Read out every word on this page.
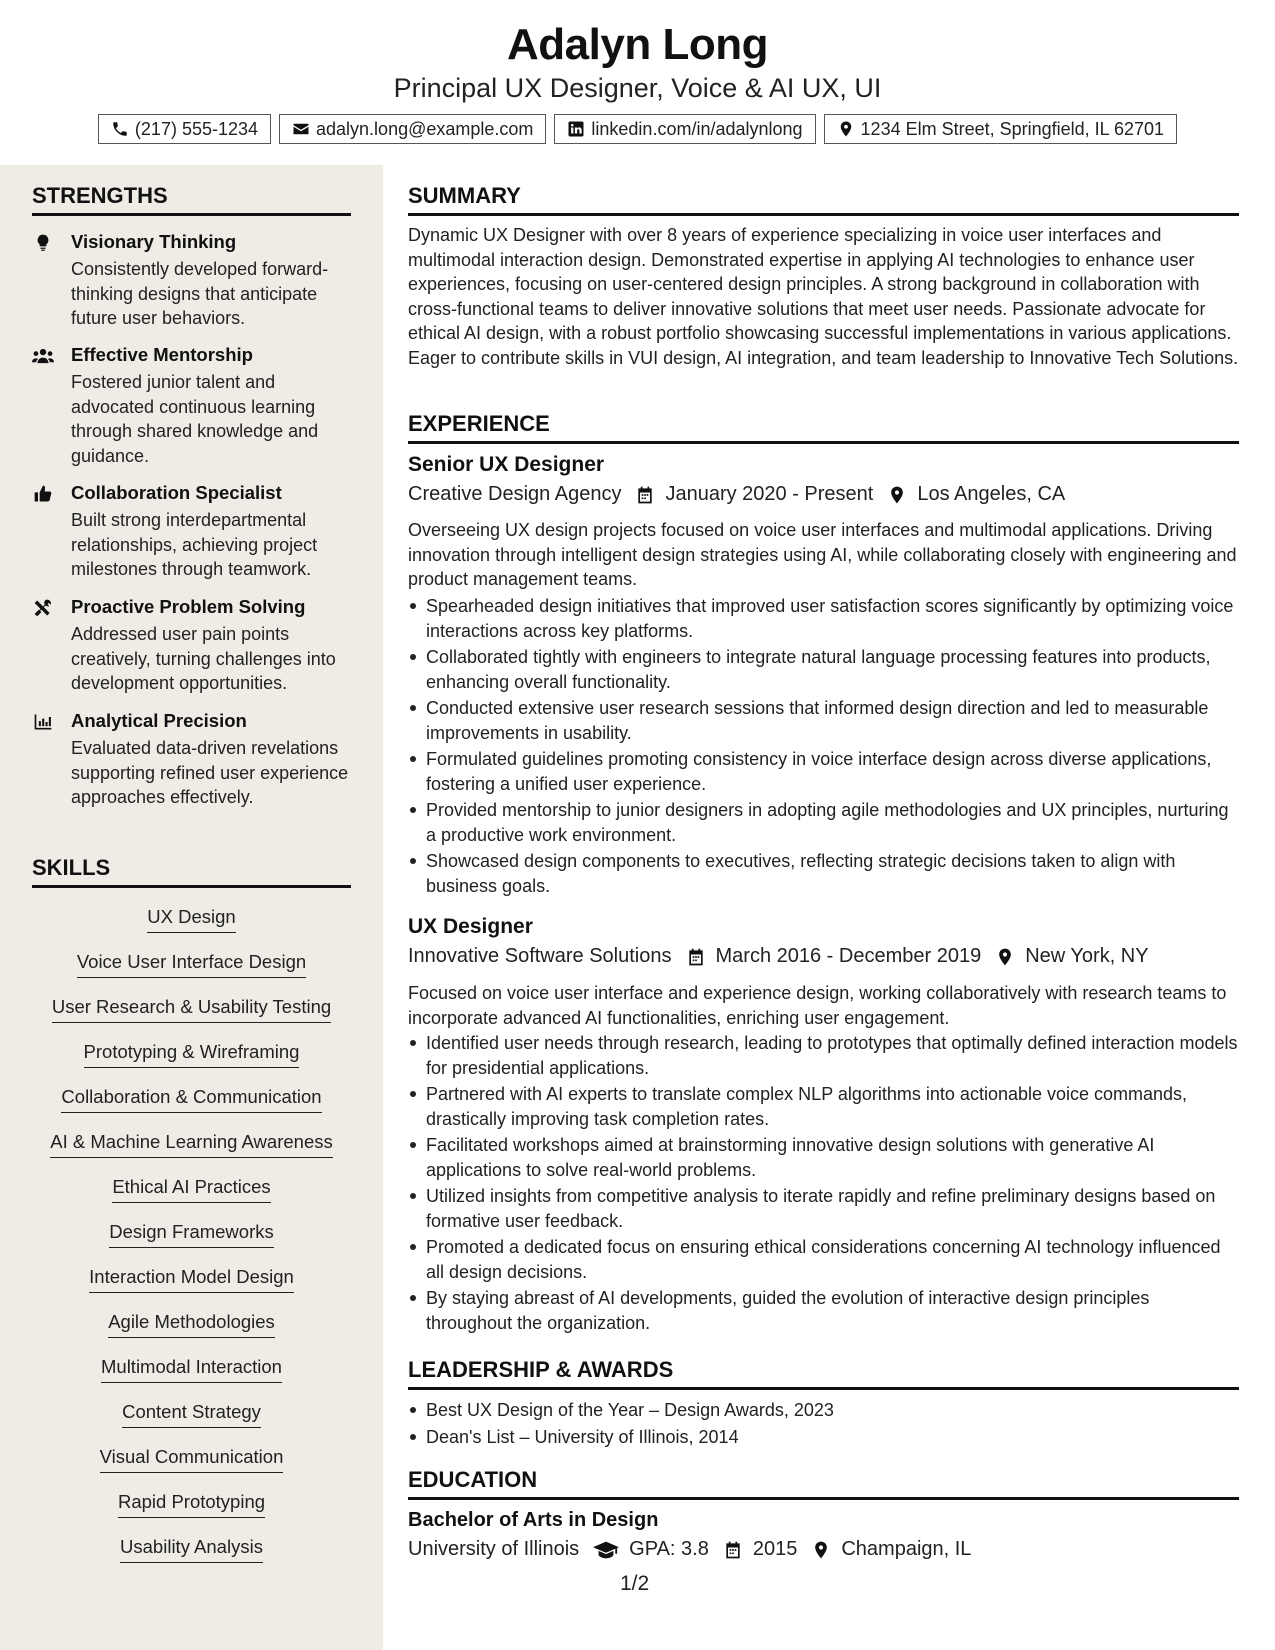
Adalyn Long
Principal UX Designer, Voice & AI UX, UI
(217) 555-1234	adalyn.long@example.com	linkedin.com/in/adalynlong	1234 Elm Street, Springfield, IL 62701
STRENGTHS
Visionary Thinking
Consistently developed forward-thinking designs that anticipate future user behaviors.
Effective Mentorship
Fostered junior talent and advocated continuous learning through shared knowledge and guidance.
Collaboration Specialist
Built strong interdepartmental relationships, achieving project milestones through teamwork.
Proactive Problem Solving
Addressed user pain points creatively, turning challenges into development opportunities.
Analytical Precision
Evaluated data-driven revelations supporting refined user experience approaches effectively.
SKILLS
UX Design
Voice User Interface Design
User Research & Usability Testing
Prototyping & Wireframing
Collaboration & Communication
AI & Machine Learning Awareness
Ethical AI Practices
Design Frameworks
Interaction Model Design
Agile Methodologies
Multimodal Interaction
Content Strategy
Visual Communication
Rapid Prototyping
Usability Analysis
SUMMARY
Dynamic UX Designer with over 8 years of experience specializing in voice user interfaces and multimodal interaction design. Demonstrated expertise in applying AI technologies to enhance user experiences, focusing on user-centered design principles. A strong background in collaboration with cross-functional teams to deliver innovative solutions that meet user needs. Passionate advocate for ethical AI design, with a robust portfolio showcasing successful implementations in various applications. Eager to contribute skills in VUI design, AI integration, and team leadership to Innovative Tech Solutions.
EXPERIENCE
Senior UX Designer
Creative Design Agency January 2020 - Present Los Angeles, CA
Overseeing UX design projects focused on voice user interfaces and multimodal applications. Driving innovation through intelligent design strategies using AI, while collaborating closely with engineering and product management teams.
Spearheaded design initiatives that improved user satisfaction scores significantly by optimizing voice interactions across key platforms.
Collaborated tightly with engineers to integrate natural language processing features into products, enhancing overall functionality.
Conducted extensive user research sessions that informed design direction and led to measurable improvements in usability.
Formulated guidelines promoting consistency in voice interface design across diverse applications, fostering a unified user experience.
Provided mentorship to junior designers in adopting agile methodologies and UX principles, nurturing a productive work environment.
Showcased design components to executives, reflecting strategic decisions taken to align with business goals.
UX Designer
Innovative Software Solutions March 2016 - December 2019 New York, NY
Focused on voice user interface and experience design, working collaboratively with research teams to incorporate advanced AI functionalities, enriching user engagement.
Identified user needs through research, leading to prototypes that optimally defined interaction models for presidential applications.
Partnered with AI experts to translate complex NLP algorithms into actionable voice commands, drastically improving task completion rates.
Facilitated workshops aimed at brainstorming innovative design solutions with generative AI applications to solve real-world problems.
Utilized insights from competitive analysis to iterate rapidly and refine preliminary designs based on formative user feedback.
Promoted a dedicated focus on ensuring ethical considerations concerning AI technology influenced all design decisions.
By staying abreast of AI developments, guided the evolution of interactive design principles throughout the organization.
LEADERSHIP & AWARDS
Best UX Design of the Year – Design Awards, 2023
Dean's List – University of Illinois, 2014
EDUCATION
Bachelor of Arts in Design
University of Illinois	GPA: 3.8 2015 Champaign, IL
1/2
